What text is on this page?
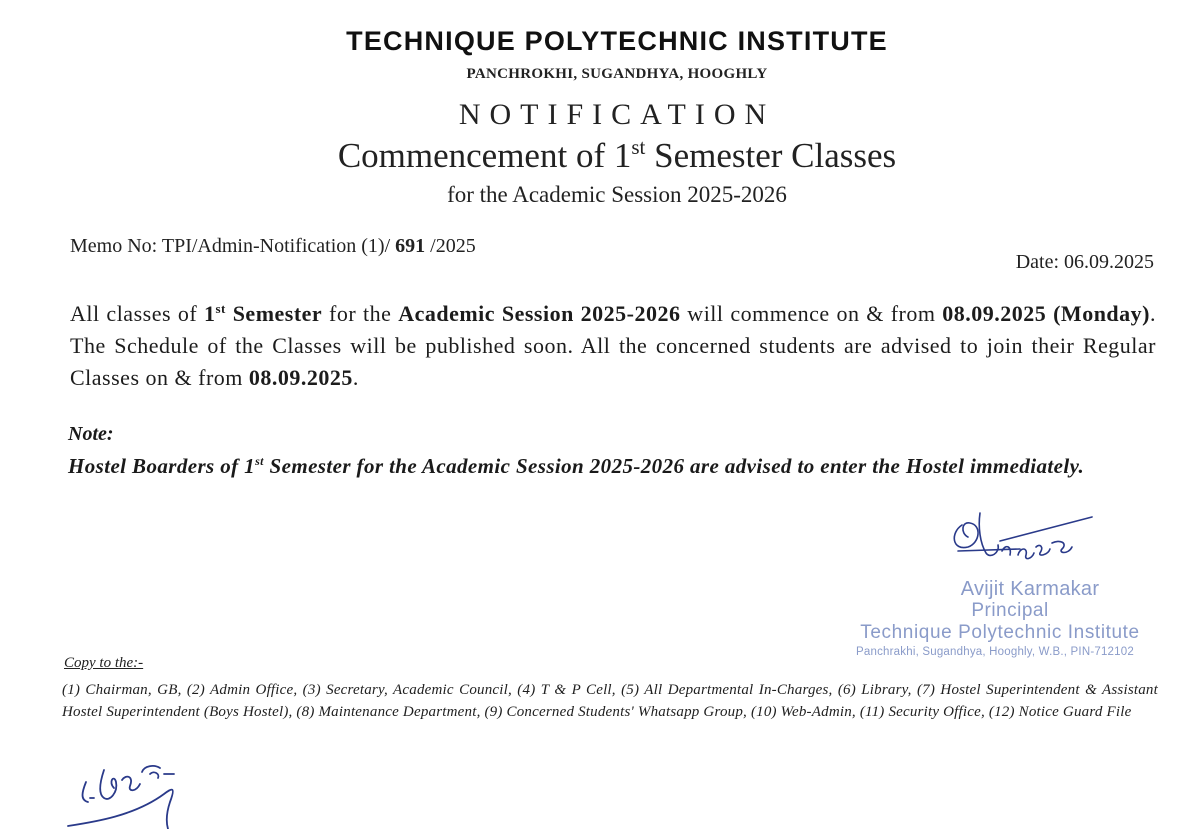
TECHNIQUE POLYTECHNIC INSTITUTE
PANCHROKHI, SUGANDHYA, HOOGHLY
NOTIFICATION
Commencement of 1st Semester Classes
for the Academic Session 2025-2026
Memo No: TPI/Admin-Notification (1)/ 691 /2025
Date: 06.09.2025
All classes of 1st Semester for the Academic Session 2025-2026 will commence on & from 08.09.2025 (Monday). The Schedule of the Classes will be published soon. All the concerned students are advised to join their Regular Classes on & from 08.09.2025.
Note:
Hostel Boarders of 1st Semester for the Academic Session 2025-2026 are advised to enter the Hostel immediately.
Avijit Karmakar
Principal
Technique Polytechnic Institute
Panchrakhi, Sugandhya, Hooghly, W.B., PIN-712102
Copy to the:-
(1) Chairman, GB, (2) Admin Office, (3) Secretary, Academic Council, (4) T & P Cell, (5) All Departmental In-Charges, (6) Library, (7) Hostel Superintendent & Assistant Hostel Superintendent (Boys Hostel), (8) Maintenance Department, (9) Concerned Students' Whatsapp Group, (10) Web-Admin, (11) Security Office, (12) Notice Guard File
